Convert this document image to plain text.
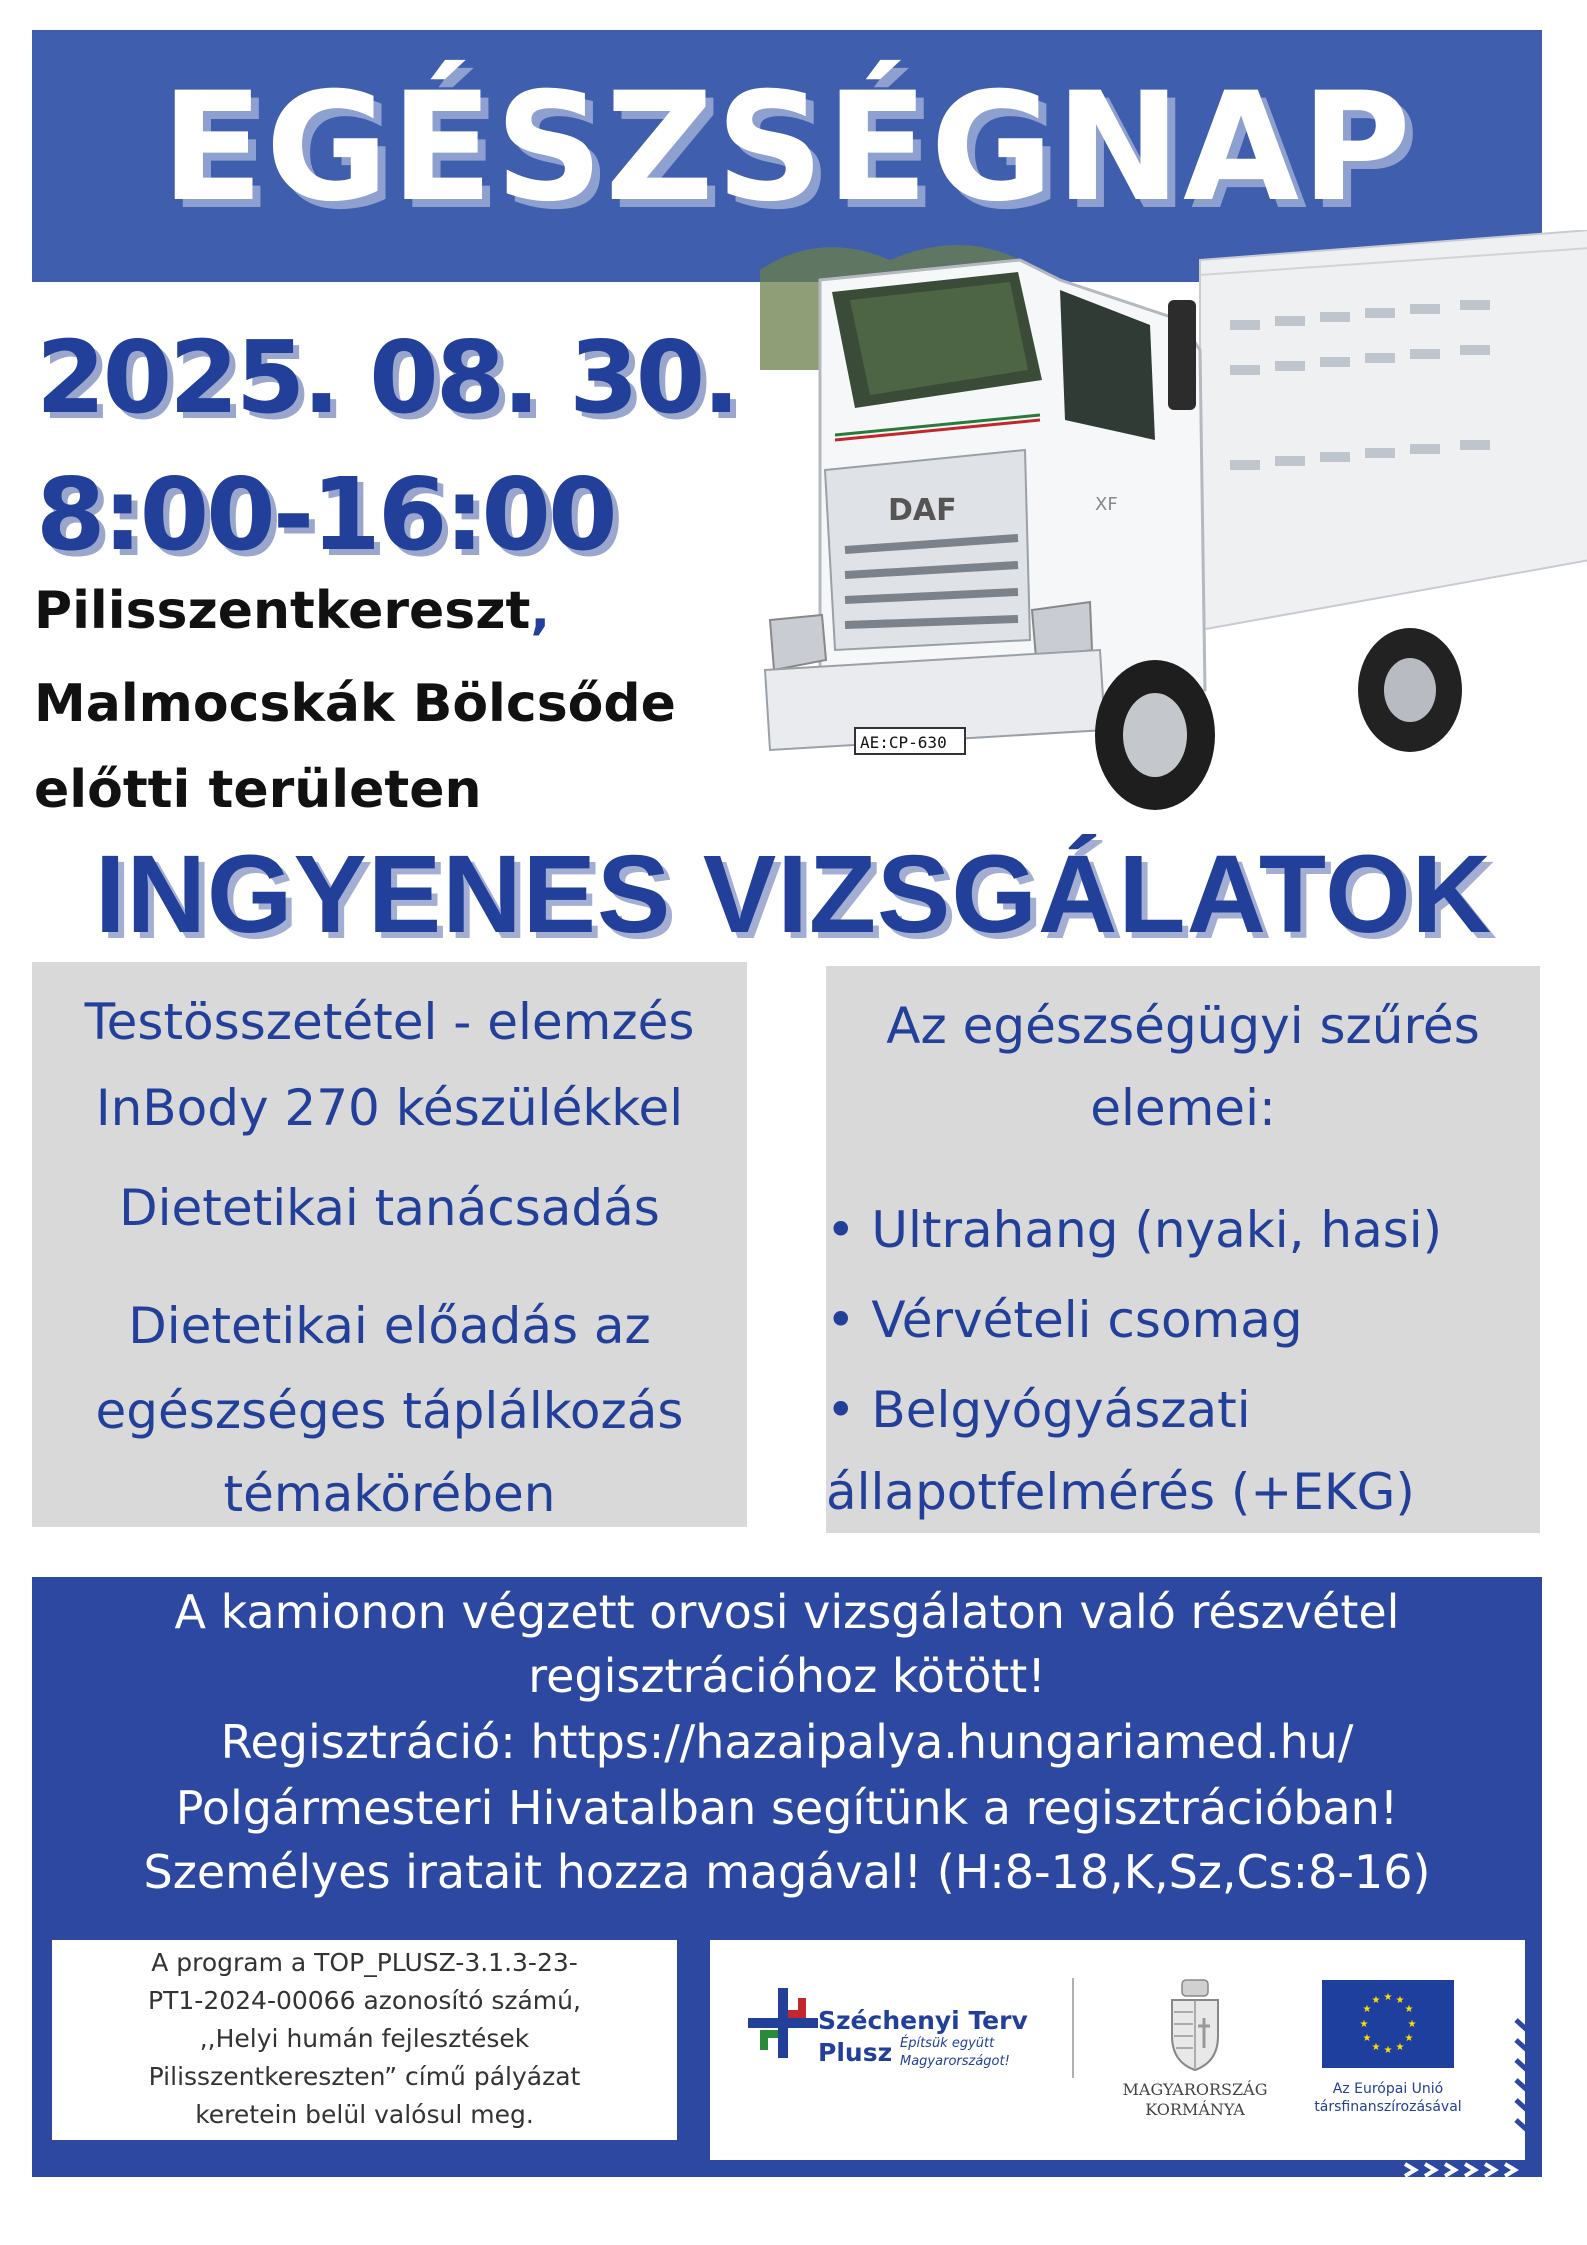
EGÉSZSÉGNAP
DAF	XF
AE:CP-630
2025. 08. 30.
8:00-16:00
Pilisszentkereszt,
Malmocskák Bölcsőde
előtti területen
INGYENES VIZSGÁLATOK
Testösszetétel - elemzés
InBody 270 készülékkel
Dietetikai tanácsadás
Dietetikai előadás az
egészséges táplálkozás
témakörében
Az egészségügyi szűrés
elemei:
• Ultrahang (nyaki, hasi)
• Vérvételi csomag
• Belgyógyászati
állapotfelmérés (+EKG)
A kamionon végzett orvosi vizsgálaton való részvétel
regisztrációhoz kötött!
Regisztráció: https://hazaipalya.hungariamed.hu/
Polgármesteri Hivatalban segítünk a regisztrációban!
Személyes iratait hozza magával! (H:8-18,K,Sz,Cs:8-16)
A program a TOP_PLUSZ-3.1.3-23-
PT1-2024-00066 azonosító számú,
,,Helyi humán fejlesztések
Pilisszentkereszten” című pályázat
keretein belül valósul meg.
Széchenyi Terv
Plusz Építsük együtt
Magyarországot!
MAGYARORSZÁG
KORMÁNYA
★ ★
★
★
★
★
★
★
★
★
★
★
Az Európai Unió
társfinanszírozásával
